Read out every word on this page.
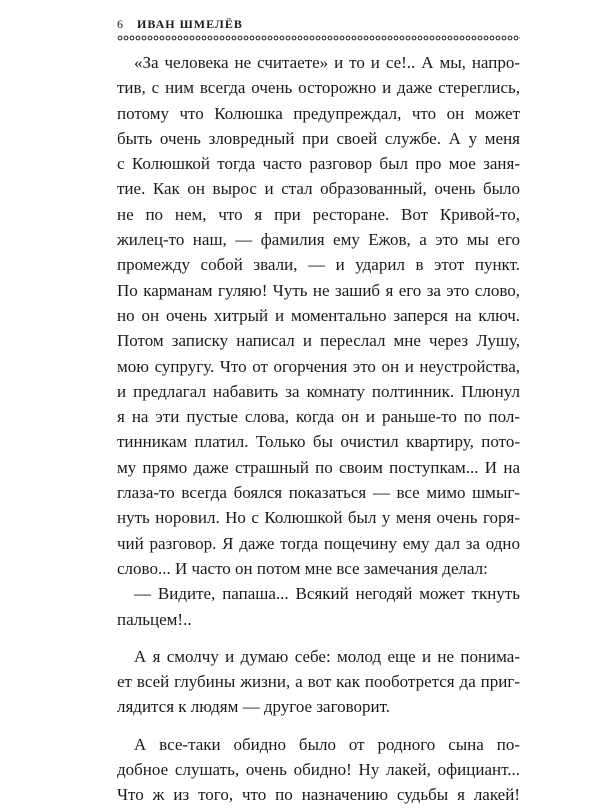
6 ИВАН ШМЕЛЁВ
«За человека не считаете» и то и се!.. А мы, напро-
тив, с ним всегда очень осторожно и даже стереглись,
потому что Колюшка предупреждал, что он может
быть очень зловредный при своей службе. А у меня
с Колюшкой тогда часто разговор был про мое заня-
тие. Как он вырос и стал образованный, очень было
не по нем, что я при ресторане. Вот Кривой-то,
жилец-то наш, — фамилия ему Ежов, а это мы его
промежду собой звали, — и ударил в этот пункт.
По карманам гуляю! Чуть не зашиб я его за это слово,
но он очень хитрый и моментально заперся на ключ.
Потом записку написал и переслал мне через Лушу,
мою супругу. Что от огорчения это он и неустройства,
и предлагал набавить за комнату полтинник. Плюнул
я на эти пустые слова, когда он и раньше-то по пол-
тинникам платил. Только бы очистил квартиру, пото-
му прямо даже страшный по своим поступкам... И на
глаза-то всегда боялся показаться — все мимо шмыг-
нуть норовил. Но с Колюшкой был у меня очень горя-
чий разговор. Я даже тогда пощечину ему дал за одно
слово... И часто он потом мне все замечания делал:
— Видите, папаша... Всякий негодяй может ткнуть
пальцем!..
А я смолчу и думаю себе: молод еще и не понима-
ет всей глубины жизни, а вот как пооботрется да приг-
лядится к людям — другое заговорит.
А все-таки обидно было от родного сына по-
добное слушать, очень обидно! Ну лакей, официант...
Что ж из того, что по назначению судьбы я лакей!
